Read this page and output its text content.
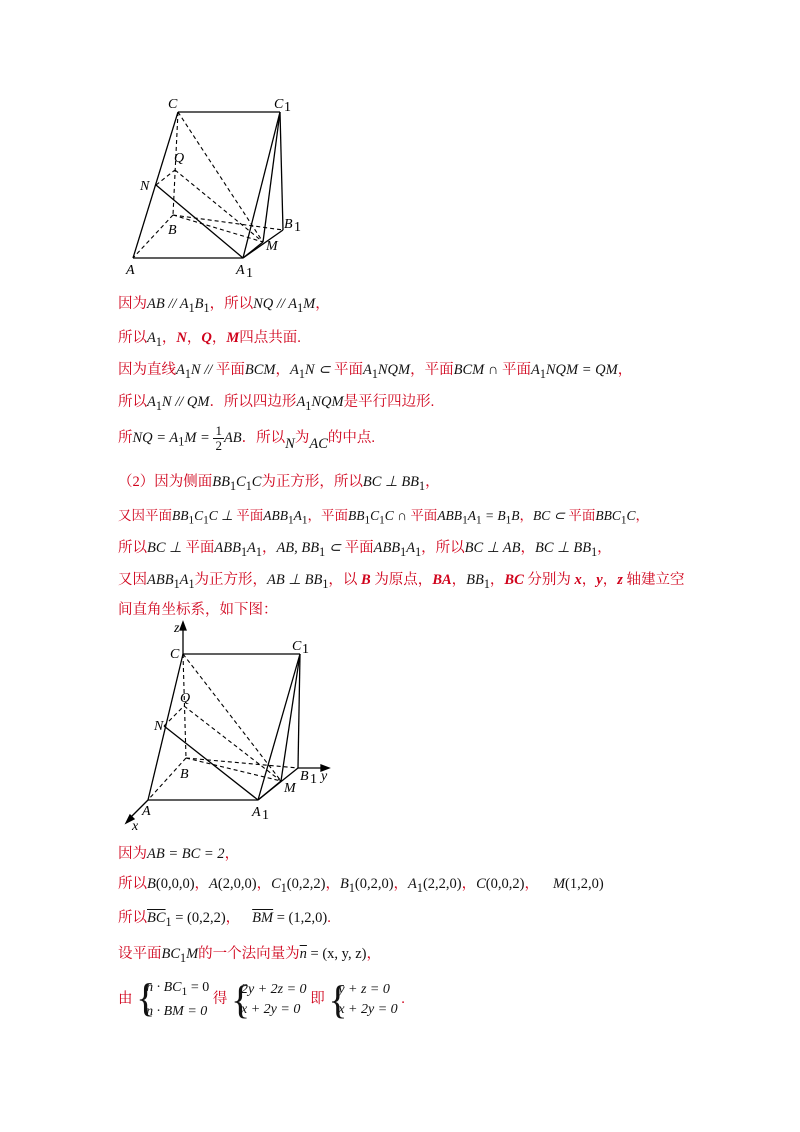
C	C 1
Q
N
B	B 1
M
A	A 1
因为AB // $A_1B_1$，所以NQ // $A_1M$，
所以$A_1$，N，Q，M四点共面.
因为直线$A_1N$ // 平面BCM，$A_1N$ ⊂ 平面$A_1NQM$，平面BCM ∩ 平面$A_1NQM$ = QM，
所以$A_1N$ // QM．所以四边形$A_1NQM$是平行四边形.
所NQ = $A_1M = \frac{1}{2}$ AB．所以N为AC的中点.
（2）因为侧面$BB_1C_1C$为正方形，所以BC ⊥ $BB_1$，
又因平面$BB_1C_1C$ ⊥ 平面$ABB_1A_1$，平面$BB_1C_1C$ ∩ 平面$ABB_1A_1 = B_1B$，BC ⊂ 平面$BBC_1C$，
所以BC ⊥ 平面$ABB_1A_1$，AB, $BB_1$ ⊂ 平面$ABB_1A_1$，所以BC ⊥ AB，BC ⊥ $BB_1$，
又因$ABB_1A_1$为正方形，AB ⊥ $BB_1$，以 B 为原点，BA，$BB_1$，BC 分别为 x，y，z 轴建立空
间直角坐标系，如下图：
z
C
C 1
Q
N
B	B 1 y
M
A	A 1
x
因为AB = BC = 2，
所以B(0,0,0)，A(2,0,0)，$C_1(0,2,2)$，$B_1(0,2,0)$，$A_1(2,2,0)$，C(0,0,2)， M(1,2,0)
所以$\overline{BC}_1 = (0,2,2)$， $\overline{BM} = (1,2,0)$.
设平面$BC_1M$的一个法向量为$\overline{n} = (x$, y, z)，
由 {
$n \cdot BC_1 = 0$
n · BM = 0
得 {
2y + 2z = 0
x + 2y = 0
即 {
y + z = 0
x + 2y = 0
.
